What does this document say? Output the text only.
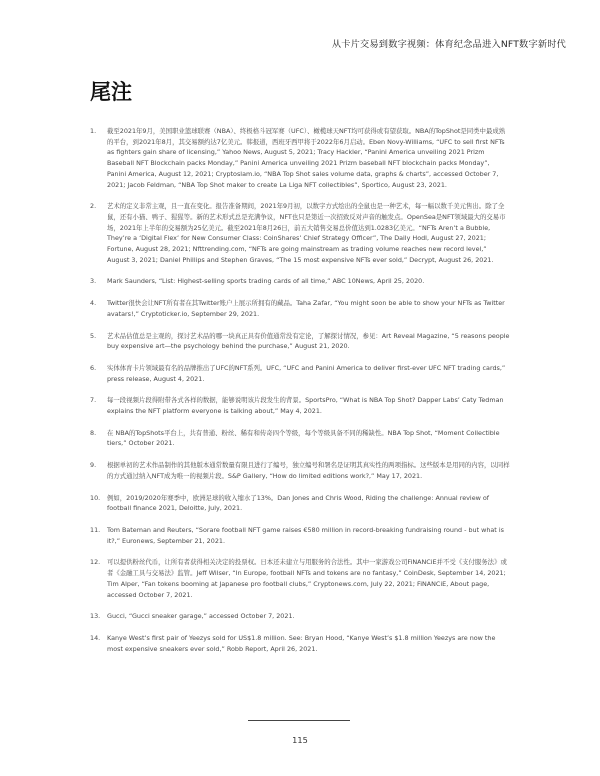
从卡片交易到数字视频：体育纪念品进入NFT数字新时代
尾注
1. 截至2021年9月，美国职业篮球联赛（NBA）、终极格斗冠军赛（UFC）、橄榄球天NFT均可获得或有望获取。NBA的TopShot是同类中最成熟的平台，到2021年8月，其交易额约达7亿美元。韩报道，西班牙西甲将于2022年6月启动。Eben Novy-Williams, “UFC to sell first NFTs as fighters gain share of licensing,” Yahoo News, August 5, 2021; Tracy Hackler, “Panini America unveiling 2021 Prizm Baseball NFT Blockchain packs Monday,” Panini America unveiling 2021 Prizm baseball NFT blockchain packs Monday”, Panini America, August 12, 2021; Cryptoslam.io, “NBA Top Shot sales volume data, graphs & charts”, accessed October 7, 2021; Jacob Feldman, “NBA Top Shot maker to create La Liga NFT collectibles”, Sportico, August 23, 2021.
2. 艺术的定义非常主观，且一直在变化。报告准备期间，2021年9月初，以数字方式绘出的全鼠也是一种艺术，每一幅以数千美元售出。除了全鼠，还有小猫、鸭子、猩猩等。新的艺术形式总是充满争议，NFT也只是第近一次招致反对声音的触发点。OpenSea是NFT领域最大的交易市场，2021年上半年的交易额为25亿美元。截至2021年8月26日，前五大销售交易总价值达到1.0283亿美元。“NFTs Aren’t a Bubble, They’re a ‘Digital Flex’ for New Consumer Class: CoinShares’ Chief Strategy Officer”, The Daily Hodl, August 27, 2021; Fortune, August 28, 2021; Nfttrending.com, “NFTs are going mainstream as trading volume reaches new record level,” August 3, 2021; Daniel Phillips and Stephen Graves, “The 15 most expensive NFTs ever sold,” Decrypt, August 26, 2021.
3. Mark Saunders, “List: Highest-selling sports trading cards of all time,” ABC 10News, April 25, 2020.
4. Twitter很快会让NFT所有者在其Twitter账户上展示所拥有的藏品。Taha Zafar, “You might soon be able to show your NFTs as Twitter avatars!,” Cryptoticker.io, September 29, 2021.
5. 艺术品估值总是主观的，探讨艺术品的哪一块真正具有价值通常没有定论，了解探讨情况，参见：Art Reveal Magazine, “5 reasons people buy expensive art—the psychology behind the purchase,” August 21, 2020.
6. 实体体育卡片领域最有名的品牌推出了UFC的NFT系列。UFC, “UFC and Panini America to deliver first-ever UFC NFT trading cards,” press release, August 4, 2021.
7. 每一段视频片段得附带各式各样的数据，能够说明该片段发生的背景。SportsPro, “What is NBA Top Shot? Dapper Labs’ Caty Tedman explains the NFT platform everyone is talking about,” May 4, 2021.
8. 在 NBA的TopShots平台上，共有普通、粉丝、稀有和传奇四个等级，每个等级具备不同的稀缺性。NBA Top Shot, “Moment Collectible tiers,” October 2021.
9. 根据单初的艺术作品制作的其他版本通常数量有限且进行了编号，独立编号和署名是证明其真实性的两项指标。这些版本是用同的内容，以同样的方式通过纳入NFT成为唯一的视频片段。S&P Gallery, “How do limited editions work?,” May 17, 2021.
10. 例如，2019/2020年赛季中，欧洲足球的收入缩水了13%。Dan Jones and Chris Wood, Riding the challenge: Annual review of football finance 2021, Deloitte, July, 2021.
11. Tom Bateman and Reuters, “Sorare football NFT game raises €580 million in record-breaking fundraising round - but what is it?,” Euronews, September 21, 2021.
12. 可以提供粉丝代币，让所有者获得相关决定的投票权。日本还未建立与用服务的合法性。其中一家游戏公司FiNANCiE并不受《支付服务法》或者《金融工具与交易法》监管。Jeff Wilser, “In Europe, football NFTs and tokens are no fantasy,” CoinDesk, September 14, 2021; Tim Alper, “Fan tokens booming at Japanese pro football clubs,” Cryptonews.com, July 22, 2021; FiNANCiE, About page, accessed October 7, 2021.
13. Gucci, “Gucci sneaker garage,” accessed October 7, 2021.
14. Kanye West’s first pair of Yeezys sold for US$1.8 million. See: Bryan Hood, “Kanye West’s $1.8 million Yeezys are now the most expensive sneakers ever sold,” Robb Report, April 26, 2021.
115
